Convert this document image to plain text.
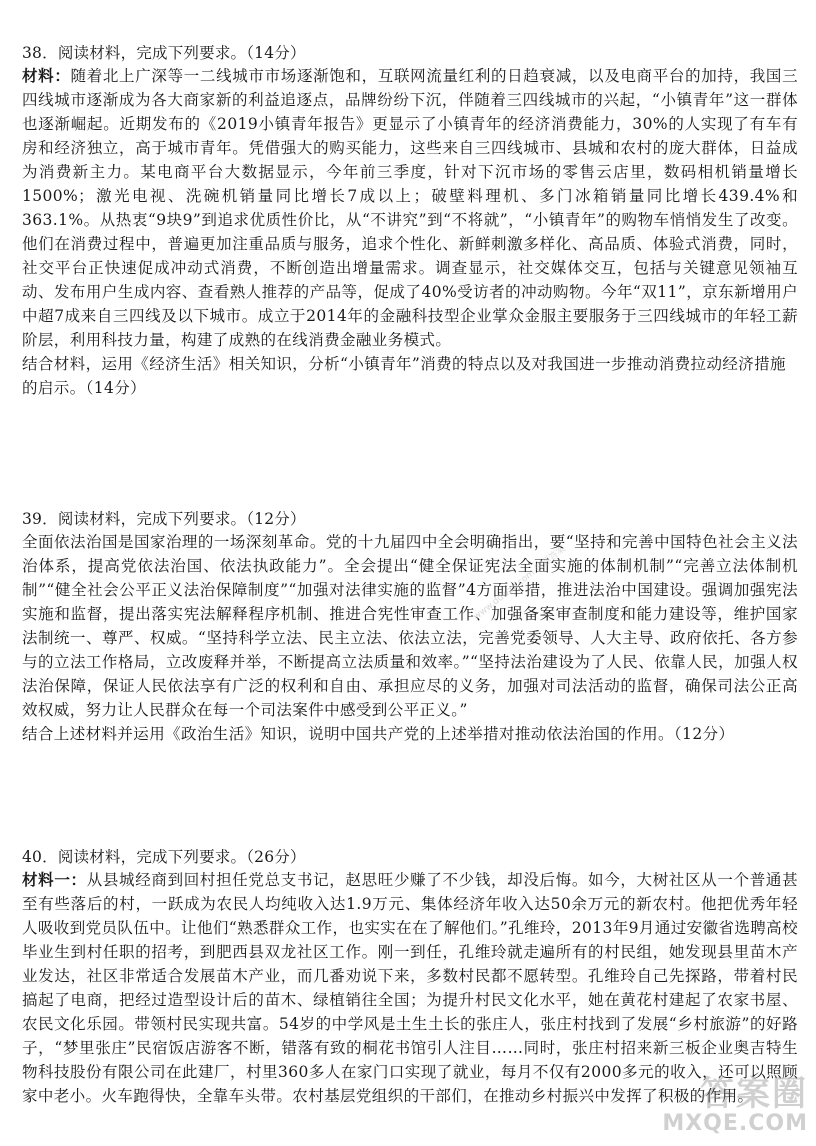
38．阅读材料，完成下列要求。（14分）

材料：随着北上广深等一二线城市市场逐渐饱和，互联网流量红利的日趋衰减，以及电商平台的加持，我国三四线城市逐渐成为各大商家新的利益追逐点，品牌纷纷下沉，伴随着三四线城市的兴起，“小镇青年”这一群体也逐渐崛起。近期发布的《2019小镇青年报告》更显示了小镇青年的经济消费能力，30%的人实现了有车有房和经济独立，高于城市青年。凭借强大的购买能力，这些来自三四线城市、县城和农村的庞大群体，日益成为消费新主力。某电商平台大数据显示，今年前三季度，针对下沉市场的零售云店里，数码相机销量增长1500%；激光电视、洗碗机销量同比增长7成以上；破壁料理机、多门冰箱销量同比增长439.4%和363.1%。从热衷“9块9”到追求优质性价比，从“不讲究”到“不将就”，“小镇青年”的购物车悄悄发生了改变。他们在消费过程中，普遍更加注重品质与服务，追求个性化、新鲜刺激多样化、高品质、体验式消费，同时，社交平台正快速促成冲动式消费，不断创造出增量需求。调查显示，社交媒体交互，包括与关键意见领袖互动、发布用户生成内容、查看熟人推荐的产品等，促成了40%受访者的冲动购物。今年“双11”，京东新增用户中超7成来自三四线及以下城市。成立于2014年的金融科技型企业掌众金服主要服务于三四线城市的年轻工薪阶层，利用科技力量，构建了成熟的在线消费金融业务模式。

结合材料，运用《经济生活》相关知识，分析“小镇青年”消费的特点以及对我国进一步推动消费拉动经济措施的启示。（14分）

39．阅读材料，完成下列要求。（12分）

全面依法治国是国家治理的一场深刻革命。党的十九届四中全会明确指出，要“坚持和完善中国特色社会主义法治体系，提高党依法治国、依法执政能力”。全会提出“健全保证宪法全面实施的体制机制”“完善立法体制机制”“健全社会公平正义法治保障制度”“加强对法律实施的监督”4方面举措，推进法治中国建设。强调加强宪法实施和监督，提出落实宪法解释程序机制、推进合宪性审查工作、加强备案审查制度和能力建设等，维护国家法制统一、尊严、权威。“坚持科学立法、民主立法、依法立法，完善党委领导、人大主导、政府依托、各方参与的立法工作格局，立改废释并举，不断提高立法质量和效率。”“坚持法治建设为了人民、依靠人民，加强人权法治保障，保证人民依法享有广泛的权利和自由、承担应尽的义务，加强对司法活动的监督，确保司法公正高效权威，努力让人民群众在每一个司法案件中感受到公平正义。”

结合上述材料并运用《政治生活》知识，说明中国共产党的上述举措对推动依法治国的作用。（12分）

40．阅读材料，完成下列要求。（26分）

材料一：从县城经商到回村担任党总支书记，赵思旺少赚了不少钱，却没后悔。如今，大树社区从一个普通甚至有些落后的村，一跃成为农民人均纯收入达1.9万元、集体经济年收入达50余万元的新农村。他把优秀年轻人吸收到党员队伍中。让他们“熟悉群众工作，也实实在在了解他们。”孔维玲，2013年9月通过安徽省选聘高校毕业生到村任职的招考，到肥西县双龙社区工作。刚一到任，孔维玲就走遍所有的村民组，她发现县里苗木产业发达，社区非常适合发展苗木产业，而几番劝说下来，多数村民都不愿转型。孔维玲自己先探路，带着村民搞起了电商，把经过造型设计后的苗木、绿植销往全国；为提升村民文化水平，她在黄花村建起了农家书屋、农民文化乐园。带领村民实现共富。54岁的中学风是土生土长的张庄人，张庄村找到了发展“乡村旅游”的好路子，“梦里张庄”民宿饭店游客不断，错落有致的桐花书馆引人注目……同时，张庄村招来新三板企业奥吉特生物科技股份有限公司在此建厂，村里360多人在家门口实现了就业，每月不仅有2000多元的收入，还可以照顾家中老小。火车跑得快，全靠车头带。农村基层党组织的干部们，在推动乡村振兴中发挥了积极的作用。

www.ddwzx.com 搜题答案
答案圈
MXQE.COM
